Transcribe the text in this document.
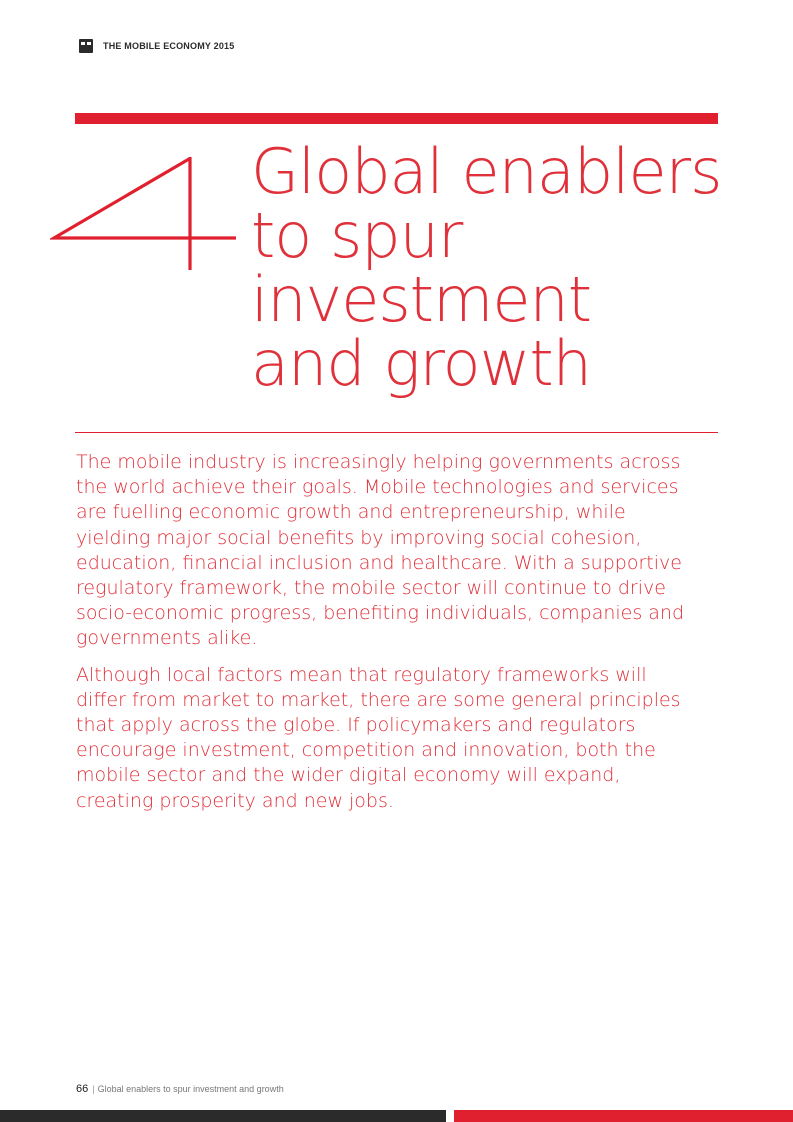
THE MOBILE ECONOMY 2015
Global enablers
to spur
investment
and growth

The mobile industry is increasingly helping governments across
the world achieve their goals. Mobile technologies and services
are fuelling economic growth and entrepreneurship, while
yielding major social benefits by improving social cohesion,
education, financial inclusion and healthcare. With a supportive
regulatory framework, the mobile sector will continue to drive
socio-economic progress, benefiting individuals, companies and
governments alike.

Although local factors mean that regulatory frameworks will
differ from market to market, there are some general principles
that apply across the globe. If policymakers and regulators
encourage investment, competition and innovation, both the
mobile sector and the wider digital economy will expand,
creating prosperity and new jobs.

66 | Global enablers to spur investment and growth
